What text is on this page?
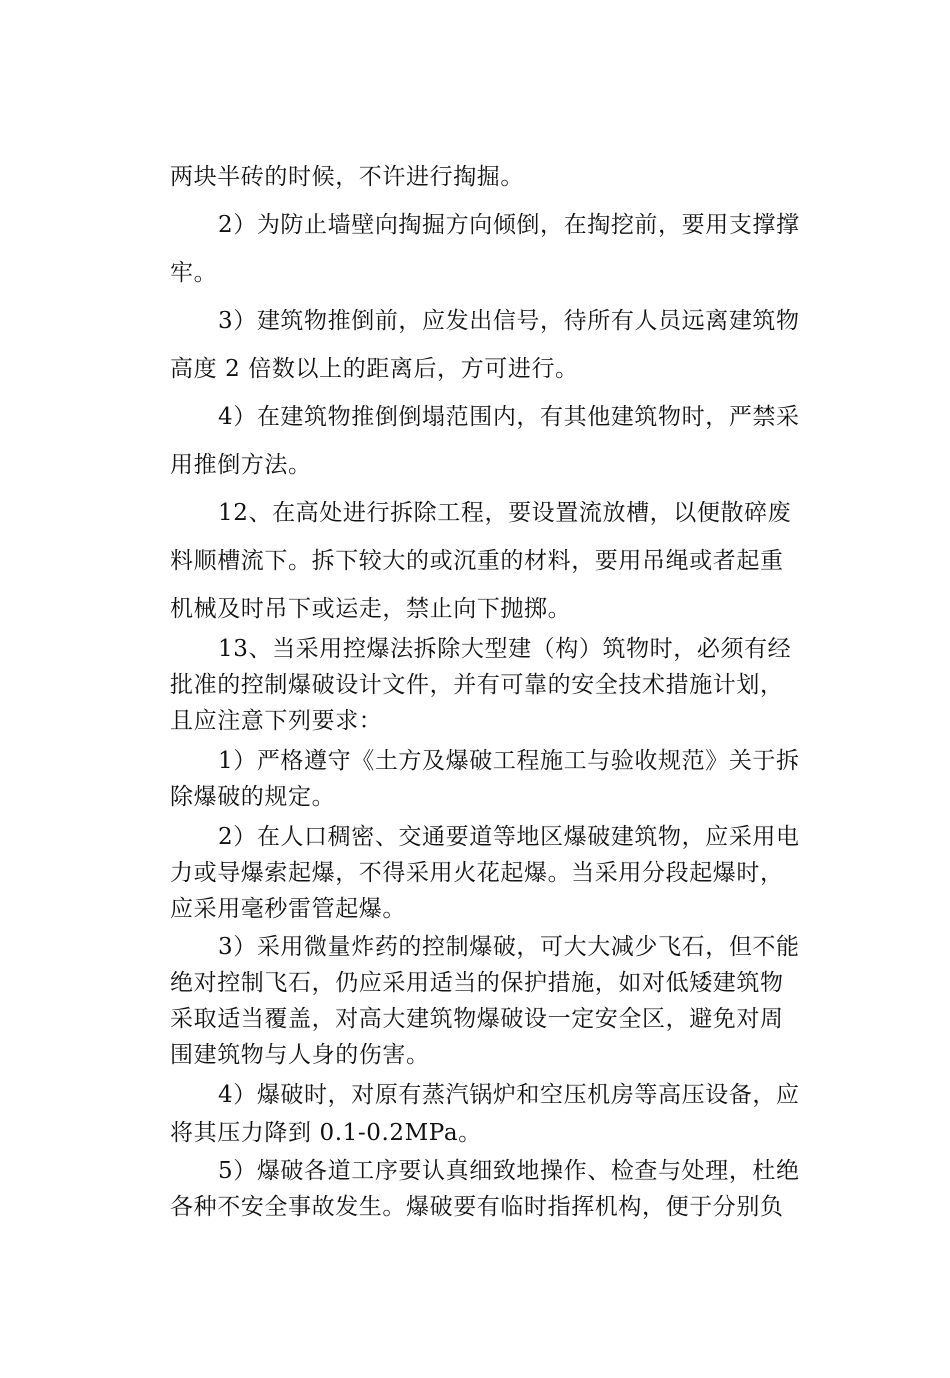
两块半砖的时候，不许进行掏掘。
2）为防止墙壁向掏掘方向倾倒，在掏挖前，要用支撑撑
牢。
3）建筑物推倒前，应发出信号，待所有人员远离建筑物
高度 2 倍数以上的距离后，方可进行。
4）在建筑物推倒倒塌范围内，有其他建筑物时，严禁采
用推倒方法。
12、在高处进行拆除工程，要设置流放槽，以便散碎废
料顺槽流下。拆下较大的或沉重的材料，要用吊绳或者起重
机械及时吊下或运走，禁止向下抛掷。
13、当采用控爆法拆除大型建（构）筑物时，必须有经
批准的控制爆破设计文件，并有可靠的安全技术措施计划，
且应注意下列要求：
1）严格遵守《土方及爆破工程施工与验收规范》关于拆
除爆破的规定。
2）在人口稠密、交通要道等地区爆破建筑物，应采用电
力或导爆索起爆，不得采用火花起爆。当采用分段起爆时，
应采用毫秒雷管起爆。
3）采用微量炸药的控制爆破，可大大减少飞石，但不能
绝对控制飞石，仍应采用适当的保护措施，如对低矮建筑物
采取适当覆盖，对高大建筑物爆破设一定安全区，避免对周
围建筑物与人身的伤害。
4）爆破时，对原有蒸汽锅炉和空压机房等高压设备，应
将其压力降到 0.1-0.2MPa。
5）爆破各道工序要认真细致地操作、检查与处理，杜绝
各种不安全事故发生。爆破要有临时指挥机构，便于分别负
